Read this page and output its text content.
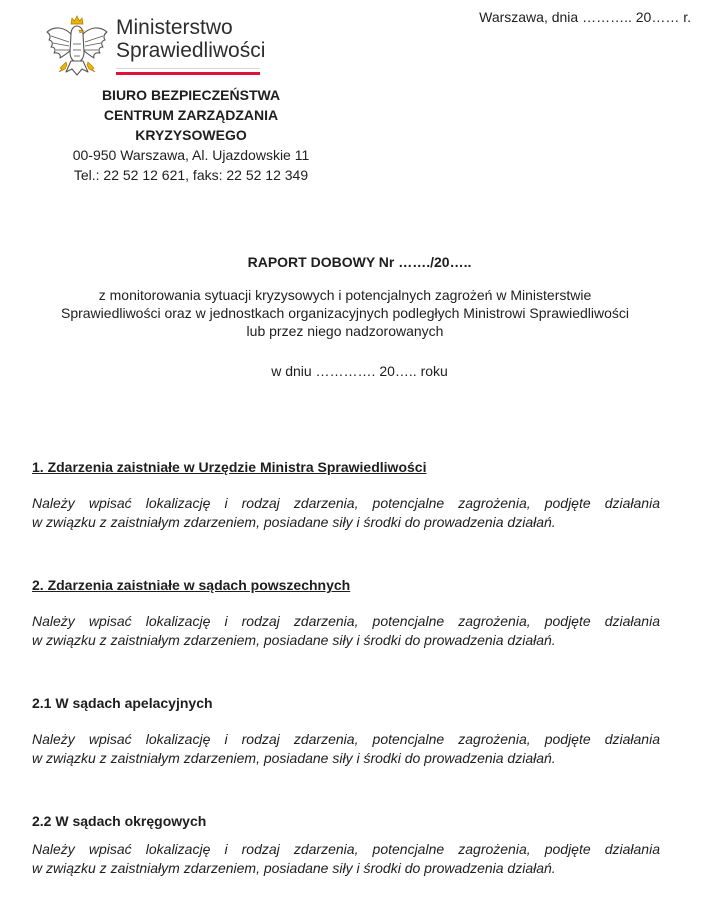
Warszawa, dnia ……….. 20…… r.
Ministerstwo
Sprawiedliwości
BIURO BEZPIECZEŃSTWA
CENTRUM ZARZĄDZANIA
KRYZYSOWEGO
00-950 Warszawa, Al. Ujazdowskie 11
Tel.: 22 52 12 621, faks: 22 52 12 349
RAPORT DOBOWY Nr ……./20…..
z monitorowania sytuacji kryzysowych i potencjalnych zagrożeń w Ministerstwie
Sprawiedliwości oraz w jednostkach organizacyjnych podległych Ministrowi Sprawiedliwości
lub przez niego nadzorowanych
w dniu …………. 20….. roku
1. Zdarzenia zaistniałe w Urzędzie Ministra Sprawiedliwości
Należy wpisać lokalizację i rodzaj zdarzenia, potencjalne zagrożenia, podjęte działania
w związku z zaistniałym zdarzeniem, posiadane siły i środki do prowadzenia działań.
2. Zdarzenia zaistniałe w sądach powszechnych
Należy wpisać lokalizację i rodzaj zdarzenia, potencjalne zagrożenia, podjęte działania
w związku z zaistniałym zdarzeniem, posiadane siły i środki do prowadzenia działań.
2.1 W sądach apelacyjnych
Należy wpisać lokalizację i rodzaj zdarzenia, potencjalne zagrożenia, podjęte działania
w związku z zaistniałym zdarzeniem, posiadane siły i środki do prowadzenia działań.
2.2 W sądach okręgowych
Należy wpisać lokalizację i rodzaj zdarzenia, potencjalne zagrożenia, podjęte działania
w związku z zaistniałym zdarzeniem, posiadane siły i środki do prowadzenia działań.
